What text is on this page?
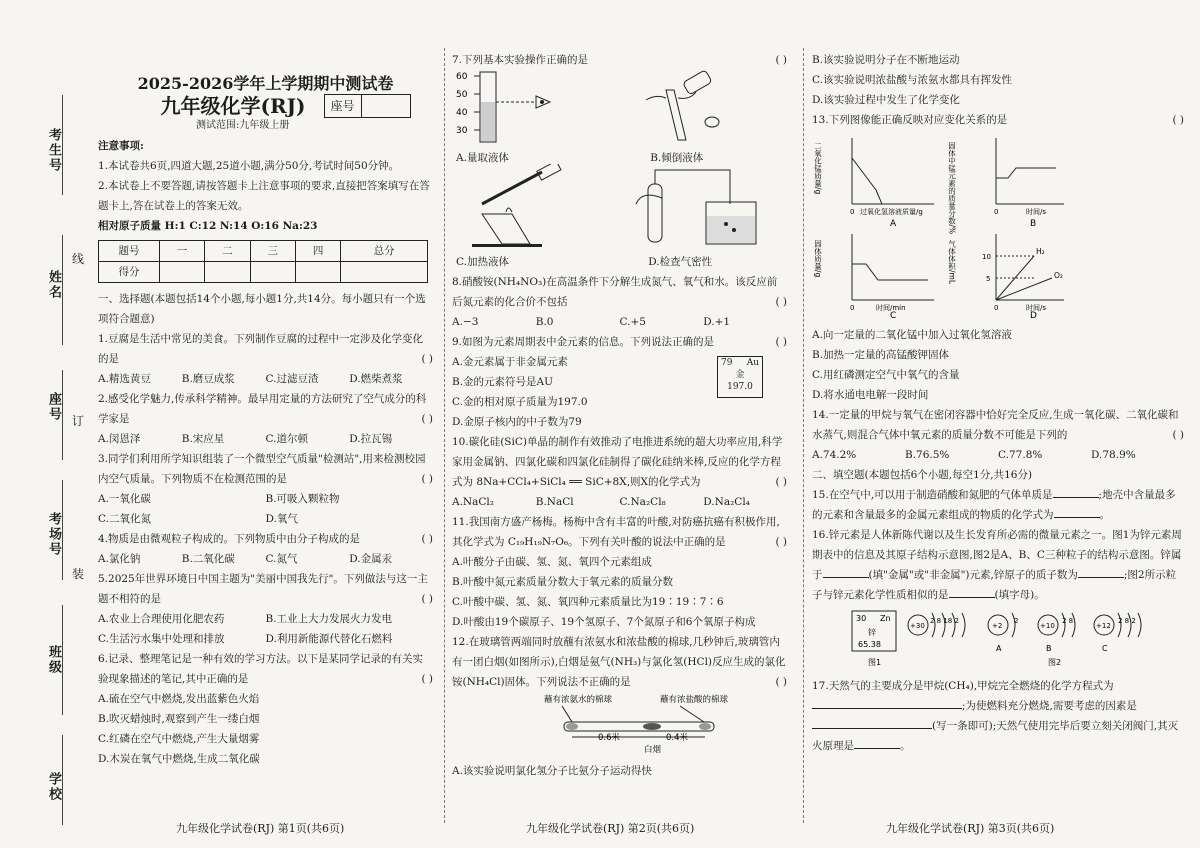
考生号
姓名
座号
考场号
班级
学校
线
订
装
2025-2026学年上学期期中测试卷
九年级化学(RJ)	座号
测试范围:九年级上册
注意事项:
1.本试卷共6页,四道大题,25道小题,满分50分,考试时间50分钟。
2.本试卷上不要答题,请按答题卡上注意事项的要求,直接把答案填写在答题卡上,答在试卷上的答案无效。
相对原子质量 H:1 C:12 N:14 O:16 Na:23
题号	一	二	三	四	总分
得分					
一、选择题(本题包括14个小题,每小题1分,共14分。每小题只有一个选项符合题意)
1.豆腐是生活中常见的美食。下列制作豆腐的过程中一定涉及化学变化的是	( )
A.精选黄豆	B.磨豆成浆	C.过滤豆渣	D.燃柴煮浆
2.感受化学魅力,传承科学精神。最早用定量的方法研究了空气成分的科学家是	( )
A.闵恩泽	B.宋应星	C.道尔顿	D.拉瓦锡
3.同学们利用所学知识组装了一个微型空气质量"检测站",用来检测校园内空气质量。下列物质不在检测范围的是	( )
A.一氧化碳	B.可吸入颗粒物
C.二氧化氮	D.氧气
4.物质是由微观粒子构成的。下列物质中由分子构成的是	( )
A.氯化钠	B.二氧化碳	C.氮气	D.金属汞
5.2025年世界环境日中国主题为"美丽中国我先行"。下列做法与这一主题不相符的是	( )
A.农业上合理使用化肥农药	B.工业上大力发展火力发电
C.生活污水集中处理和排放	D.利用新能源代替化石燃料
6.记录、整理笔记是一种有效的学习方法。以下是某同学记录的有关实验现象描述的笔记,其中正确的是	( )
A.硫在空气中燃烧,发出蓝紫色火焰
B.吹灭蜡烛时,观察到产生一缕白烟
C.红磷在空气中燃烧,产生大量烟雾
D.木炭在氧气中燃烧,生成二氧化碳
7.下列基本实验操作正确的是	( )
60
50
40
30
A.量取液体	B.倾倒液体
C.加热液体	D.检查气密性
8.硝酸铵(NH₄NO₃)在高温条件下分解生成氮气、氧气和水。该反应前后氮元素的化合价不包括	( )
A.−3	B.0	C.+5	D.+1
9.如图为元素周期表中金元素的信息。下列说法正确的是	( )
A.金元素属于非金属元素
B.金的元素符号是AU
C.金的相对原子质量为197.0
D.金原子核内的中子数为79
79 Au
金
197.0
10.碳化硅(SiC)单晶的制作有效推动了电推进系统的超大功率应用,科学家用金属钠、四氯化碳和四氯化硅制得了碳化硅纳米棒,反应的化学方程式为 8Na+CCl₄+SiCl₄ ══ SiC+8X,则X的化学式为	( )
A.NaCl₂	B.NaCl	C.Na₂Cl₈	D.Na₂Cl₄
11.我国南方盛产杨梅。杨梅中含有丰富的叶酸,对防癌抗癌有积极作用,其化学式为 C₁₉H₁₉N₇O₆。下列有关叶酸的说法中正确的是	( )
A.叶酸分子由碳、氢、氮、氧四个元素组成
B.叶酸中氮元素质量分数大于氧元素的质量分数
C.叶酸中碳、氢、氮、氧四种元素质量比为19∶19∶7∶6
D.叶酸由19个碳原子、19个氢原子、7个氮原子和6个氧原子构成
12.在玻璃管两端同时放蘸有浓氨水和浓盐酸的棉球,几秒钟后,玻璃管内有一团白烟(如图所示),白烟是氨气(NH₃)与氯化氢(HCl)反应生成的氯化铵(NH₄Cl)固体。下列说法不正确的是	( )

蘸有浓氨水的棉球	蘸有浓盐酸的棉球
0.6米	0.4米
白烟
A.该实验说明氯化氢分子比氨分子运动得快
B.该实验说明分子在不断地运动
C.该实验说明浓盐酸与浓氨水都具有挥发性
D.该实验过程中发生了化学变化
13.下列图像能正确反映对应变化关系的是	( )
二氧化锰质量/g
0 过氧化氢溶液质量/g
A	固体中锰元素的质量分数/%	0	时间/s
B
固体质量/g
0	时间/min
C
气体体积/mL	10
5
H₂
O₂
0	时间/s
D
A.向一定量的二氧化锰中加入过氧化氢溶液
B.加热一定量的高锰酸钾固体
C.用红磷测定空气中氧气的含量
D.将水通电电解一段时间
14.一定量的甲烷与氧气在密闭容器中恰好完全反应,生成一氧化碳、二氧化碳和水蒸气,则混合气体中氧元素的质量分数不可能是下列的	( )
A.74.2%	B.76.5%	C.77.8%	D.78.9%
二、填空题(本题包括6个小题,每空1分,共16分)
15.在空气中,可以用于制造硝酸和氮肥的气体单质是	;地壳中含量最多的元素和含量最多的金属元素组成的物质的化学式为	。
16.锌元素是人体新陈代谢以及生长发育所必需的微量元素之一。图1为锌元素周期表中的信息及其原子结构示意图,图2是A、B、C三种粒子的结构示意图。锌属于	(填"金属"或"非金属")元素,锌原子的质子数为	;图2所示粒子与锌元素化学性质相似的是	(填字母)。
30 Zn
锌
65.38
+30
2 8 18 2
+2
2
A
+10
2 8
B
+12
2 8 2
C
图1	图2
17.天然气的主要成分是甲烷(CH₄),甲烷完全燃烧的化学方程式为
;为使燃料充分燃烧,需要考虑的因素是
(写一条即可);天然气使用完毕后要立刻关闭阀门,其灭火原理是	。
九年级化学试卷(RJ) 第1页(共6页)	九年级化学试卷(RJ) 第2页(共6页)	九年级化学试卷(RJ) 第3页(共6页)
